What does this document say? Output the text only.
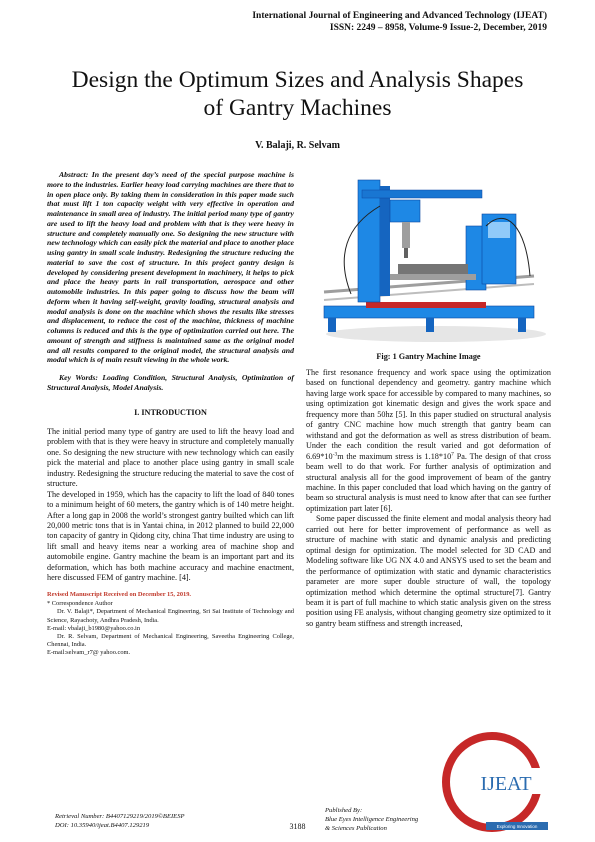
International Journal of Engineering and Advanced Technology (IJEAT)
ISSN: 2249 – 8958, Volume-9 Issue-2, December, 2019
Design the Optimum Sizes and Analysis Shapes
of Gantry Machines
V. Balaji, R. Selvam

Abstract: In the present day’s need of the special purpose machine is more to the industries. Earlier heavy load carrying machines are there that to in open place only. By taking them in consideration in this paper made such that must lift 1 ton capacity weight with very effective in operation and maintenance in small area of industry. The initial period many type of gantry are used to lift the heavy load and problem with that is they were heavy in structure and completely manually one. So designing the new structure with new technology which can easily pick the material and place to another place using gantry in small scale industry. Redesigning the structure reducing the material to save the cost of structure. In this project gantry design is developed by considering present development in machinery, it helps to pick and place the heavy parts in rail transportation, aerospace and other automobile industries. In this paper going to discuss how the beam will deform when it having self-weight, gravity loading, structural analysis and modal analysis is done on the machine which shows the results like stresses and displacement, to reduce the cost of the machine, thickness of machine columns is reduced and this is the type of optimization carried out here. The amount of strength and stiffness is maintained same as the original model and all results compared to the original model, the structural analysis and modal which is of main result viewing in the whole work.

Key Words: Loading Condition, Structural Analysis, Optimization of Structural Analysis, Model Analysis.

I. INTRODUCTION

The initial period many type of gantry are used to lift the heavy load and problem with that is they were heavy in structure and completely manually one. So designing the new structure with new technology which can easily pick the material and place to another place using gantry in small scale industry. Redesigning the structure reducing the material to save the cost of structure.

The developed in 1959, which has the capacity to lift the load of 840 tones to a minimum height of 60 meters, the gantry which is of 140 metre height. After a long gap in 2008 the world’s strongest gantry builted which can lift 20,000 metric tons that is in Yantai china, in 2012 planned to build 22,000 ton capacity of gantry in Qidong city, china That time industry are using to lift small and heavy items near a working area of machine shop and automobile engine. Gantry machine the beam is an important part and its deformation, which has both machine accuracy and machine enactment, here discussed FEM of gantry machine. [4].

Revised Manuscript Received on December 15, 2019.
* Correspondence Author
Dr. V. Balaji*, Department of Mechanical Engineering, Sri Sai Institute of Technology and Science, Rayachoty, Andhra Pradesh, India.
E-mail: vbalaji_b1980@yahoo.co.in
Dr. R. Selvam, Department of Mechanical Engineering, Saveetha Engineering College, Chennai, India.
E-mail:selvam_r7@ yahoo.com.
Fig: 1 Gantry Machine Image

The first resonance frequency and work space using the optimization based on functional dependency and geometry. gantry machine which having large work space for accessible by compared to many machines, so using optimization got kinematic design and gives the work space and frequency more than 50hz [5]. In this paper studied on structural analysis of gantry CNC machine how much strength that gantry beam can withstand and got the deformation as well as stress distribution of beam. Under the each condition the result varied and got deformation of $6.69*10^{-3}m$ the maximum stress is $1.18*10^7$ Pa. The design of that cross beam well to do that work. For further analysis of optimization and structural analysis all for the good improvement of beam of the gantry machine. In this paper concluded that load which having on the gantry of beam so structural analysis is must need to know after that can see further optimization part later [6].

Some paper discussed the finite element and modal analysis theory had carried out here for better improvement of performance as well as structure of machine with static and dynamic analysis and predicting optimal design for optimization. The model selected for 3D CAD and Modeling software like UG NX 4.0 and ANSYS used to set the beam and the performance of optimization with static and dynamic characteristics parameter are more super double structure of wall, the topology optimization method which determine the optimal structure[7]. Gantry beam it is part of full machine to which static analysis given on the stress position using FE analysis, without changing geometry size optimized to it so gantry beam stiffness and strength increased,

Retrieval Number: B4407129219/2019©BEIESP
DOI: 10.35940/ijeat.B4407.129219	3188
Published By:
Blue Eyes Intelligence Engineering
& Sciences Publication
IJEAT
Exploring Innovation
